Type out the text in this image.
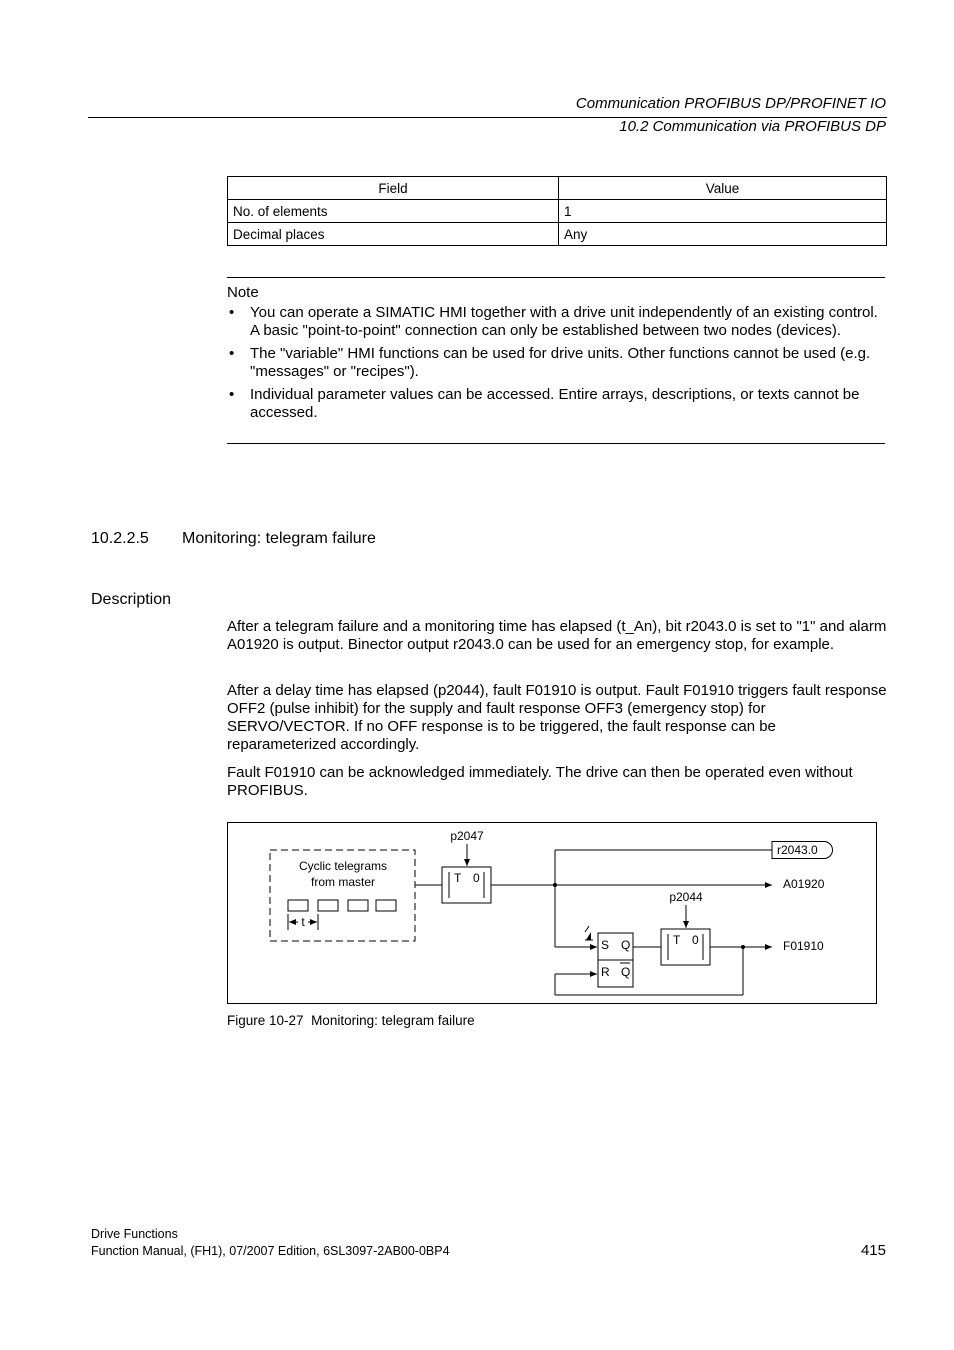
Communication PROFIBUS DP/PROFINET IO
10.2 Communication via PROFIBUS DP
Field	Value
No. of elements	1
Decimal places	Any
Note
• You can operate a SIMATIC HMI together with a drive unit independently of an existing control.
A basic "point-to-point" connection can only be established between two nodes (devices).
• The "variable" HMI functions can be used for drive units. Other functions cannot be used (e.g. "messages" or "recipes").
• Individual parameter values can be accessed. Entire arrays, descriptions, or texts cannot be accessed.
10.2.2.5 Monitoring: telegram failure
Description
After a telegram failure and a monitoring time has elapsed (t_An), bit r2043.0 is set to "1" and alarm A01920 is output. Binector output r2043.0 can be used for an emergency stop, for example.
After a delay time has elapsed (p2044), fault F01910 is output. Fault F01910 triggers fault response OFF2 (pulse inhibit) for the supply and fault response OFF3 (emergency stop) for SERVO/VECTOR. If no OFF response is to be triggered, the fault response can be reparameterized accordingly.
Fault F01910 can be acknowledged immediately. The drive can then be operated even without PROFIBUS.
Cyclic telegrams
from master
t
p2047
T 0
r2043.0
A01920
S Q
R Q
p2044
T 0	F01910
Figure 10-27 Monitoring: telegram failure
Drive Functions
Function Manual, (FH1), 07/2007 Edition, 6SL3097-2AB00-0BP4	415
